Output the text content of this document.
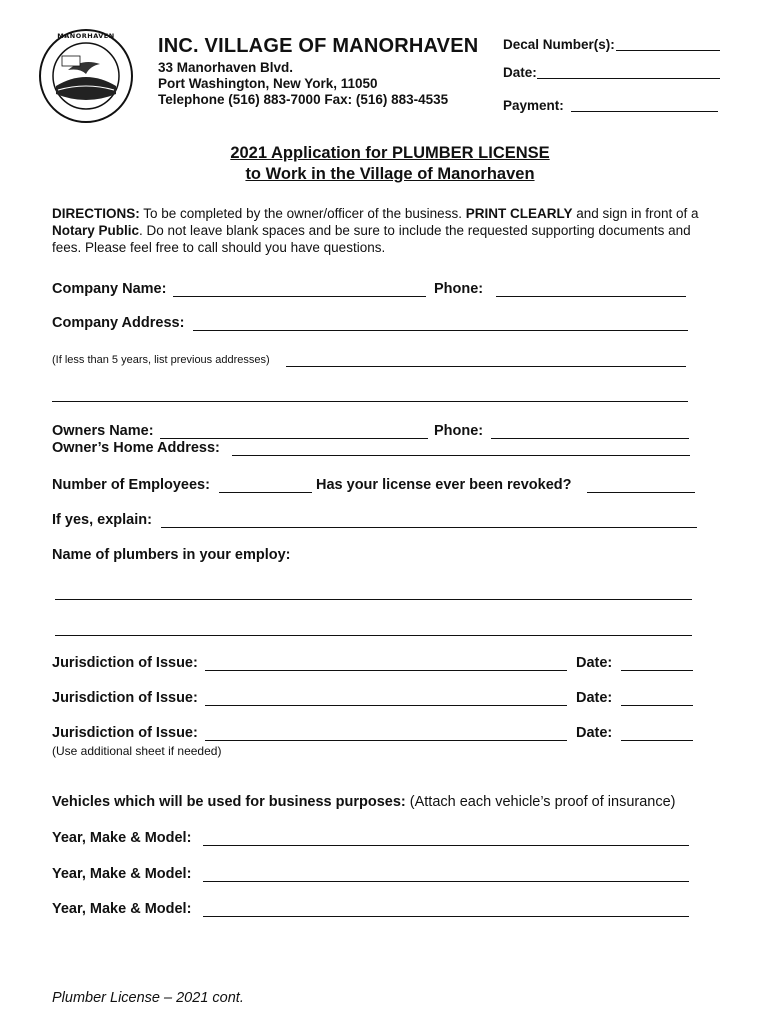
MANORHAVEN INC. VILLAGE OF MANORHAVEN
33 Manorhaven Blvd.
Port Washington, New York, 11050
Telephone (516) 883-7000 Fax: (516) 883-4535
Decal Number(s):
Date:
Payment:
2021 Application for PLUMBER LICENSE
to Work in the Village of Manorhaven
DIRECTIONS: To be completed by the owner/officer of the business. PRINT CLEARLY and sign in front of a Notary Public. Do not leave blank spaces and be sure to include the requested supporting documents and fees. Please feel free to call should you have questions.
Company Name:	Phone:
Company Address:
(If less than 5 years, list previous addresses)
Owners Name:	Phone:
Owner’s Home Address:
Number of Employees:	Has your license ever been revoked?
If yes, explain:
Name of plumbers in your employ:
Jurisdiction of Issue:	Date:
Jurisdiction of Issue:	Date:
Jurisdiction of Issue:	Date:
(Use additional sheet if needed)
Vehicles which will be used for business purposes: (Attach each vehicle’s proof of insurance)
Year, Make & Model:
Year, Make & Model:
Year, Make & Model:
Plumber License – 2021 cont.
